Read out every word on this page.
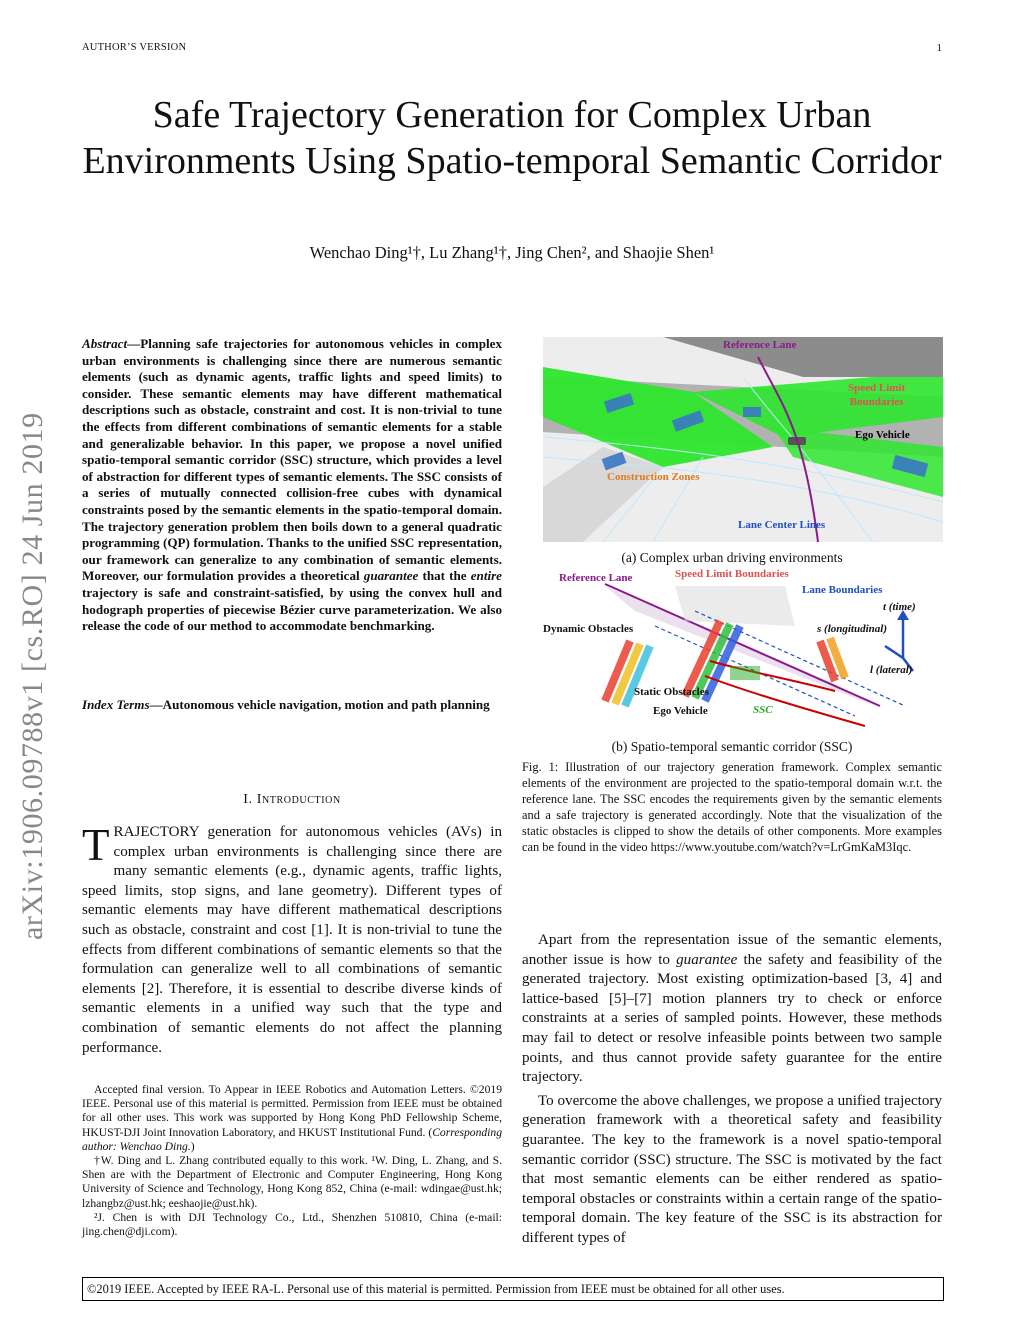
AUTHOR’S VERSION	1
Safe Trajectory Generation for Complex Urban Environments Using Spatio-temporal Semantic Corridor
Wenchao Ding¹†, Lu Zhang¹†, Jing Chen², and Shaojie Shen¹
arXiv:1906.09788v1 [cs.RO] 24 Jun 2019
Abstract—Planning safe trajectories for autonomous vehicles in complex urban environments is challenging since there are numerous semantic elements (such as dynamic agents, traffic lights and speed limits) to consider. These semantic elements may have different mathematical descriptions such as obstacle, constraint and cost. It is non-trivial to tune the effects from different combinations of semantic elements for a stable and generalizable behavior. In this paper, we propose a novel unified spatio-temporal semantic corridor (SSC) structure, which provides a level of abstraction for different types of semantic elements. The SSC consists of a series of mutually connected collision-free cubes with dynamical constraints posed by the semantic elements in the spatio-temporal domain. The trajectory generation problem then boils down to a general quadratic programming (QP) formulation. Thanks to the unified SSC representation, our framework can generalize to any combination of semantic elements. Moreover, our formulation provides a theoretical guarantee that the entire trajectory is safe and constraint-satisfied, by using the convex hull and hodograph properties of piecewise Bézier curve parameterization. We also release the code of our method to accommodate benchmarking.
Index Terms—Autonomous vehicle navigation, motion and path planning
I. Introduction
TRAJECTORY generation for autonomous vehicles (AVs) in complex urban environments is challenging since there are many semantic elements (e.g., dynamic agents, traffic lights, speed limits, stop signs, and lane geometry). Different types of semantic elements may have different mathematical descriptions such as obstacle, constraint and cost [1]. It is non-trivial to tune the effects from different combinations of semantic elements so that the formulation can generalize well to all combinations of semantic elements [2]. Therefore, it is essential to describe diverse kinds of semantic elements in a unified way such that the type and combination of semantic elements do not affect the planning performance.

Accepted final version. To Appear in IEEE Robotics and Automation Letters. ©2019 IEEE. Personal use of this material is permitted. Permission from IEEE must be obtained for all other uses. This work was supported by Hong Kong PhD Fellowship Scheme, HKUST-DJI Joint Innovation Laboratory, and HKUST Institutional Fund. (Corresponding author: Wenchao Ding.)

†W. Ding and L. Zhang contributed equally to this work. ¹W. Ding, L. Zhang, and S. Shen are with the Department of Electronic and Computer Engineering, Hong Kong University of Science and Technology, Hong Kong 852, China (e-mail: wdingae@ust.hk; lzhangbz@ust.hk; eeshaojie@ust.hk).

²J. Chen is with DJI Technology Co., Ltd., Shenzhen 510810, China (e-mail: jing.chen@dji.com).

Reference Lane
Speed Limit
Boundaries
Ego Vehicle
Construction Zones
Lane Center Lines
(a) Complex urban driving environments
Reference Lane	Speed Limit Boundaries
Lane Boundaries
t (time)
s (longitudinal)
l (lateral)
Dynamic Obstacles
Static Obstacles
Ego Vehicle	SSC
(b) Spatio-temporal semantic corridor (SSC)
Fig. 1: Illustration of our trajectory generation framework. Complex semantic elements of the environment are projected to the spatio-temporal domain w.r.t. the reference lane. The SSC encodes the requirements given by the semantic elements and a safe trajectory is generated accordingly. Note that the visualization of the static obstacles is clipped to show the details of other components. More examples can be found in the video https://www.youtube.com/watch?v=LrGmKaM3Iqc.

Apart from the representation issue of the semantic elements, another issue is how to guarantee the safety and feasibility of the generated trajectory. Most existing optimization-based [3, 4] and lattice-based [5]–[7] motion planners try to check or enforce constraints at a series of sampled points. However, these methods may fail to detect or resolve infeasible points between two sample points, and thus cannot provide safety guarantee for the entire trajectory.

To overcome the above challenges, we propose a unified trajectory generation framework with a theoretical safety and feasibility guarantee. The key to the framework is a novel spatio-temporal semantic corridor (SSC) structure. The SSC is motivated by the fact that most semantic elements can be either rendered as spatio-temporal obstacles or constraints within a certain range of the spatio-temporal domain. The key feature of the SSC is its abstraction for different types of

©2019 IEEE. Accepted by IEEE RA-L. Personal use of this material is permitted. Permission from IEEE must be obtained for all other uses.
